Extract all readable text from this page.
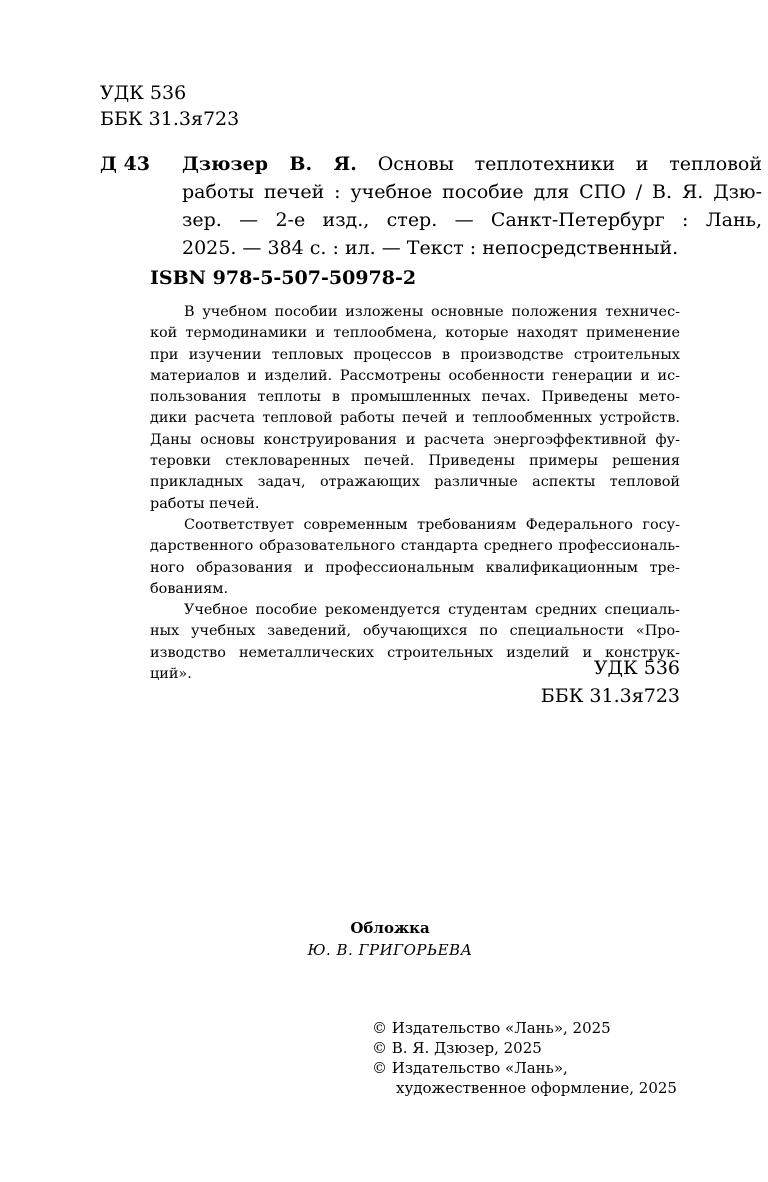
УДК 536
ББК 31.3я723
Д 43 Дзюзер В. Я. Основы теплотехники и тепловой
работы печей : учебное пособие для СПО / В. Я. Дзю-
зер. — 2-е изд., стер. — Санкт-Петербург : Лань,
2025. — 384 с. : ил. — Текст : непосредственный.
ISBN 978-5-507-50978-2
В учебном пособии изложены основные положения техничес-
кой термодинамики и теплообмена, которые находят применение
при изучении тепловых процессов в производстве строительных
материалов и изделий. Рассмотрены особенности генерации и ис-
пользования теплоты в промышленных печах. Приведены мето-
дики расчета тепловой работы печей и теплообменных устройств.
Даны основы конструирования и расчета энергоэффективной фу-
теровки стекловаренных печей. Приведены примеры решения
прикладных задач, отражающих различные аспекты тепловой
работы печей.
Соответствует современным требованиям Федерального госу-
дарственного образовательного стандарта среднего профессиональ-
ного образования и профессиональным квалификационным тре-
бованиям.
Учебное пособие рекомендуется студентам средних специаль-
ных учебных заведений, обучающихся по специальности «Про-
изводство неметаллических строительных изделий и конструк-
ций».	УДК 536
ББК 31.3я723
Обложка
Ю. В. ГРИГОРЬЕВА
© Издательство «Лань», 2025
© В. Я. Дзюзер, 2025
© Издательство «Лань»,
художественное оформление, 2025
